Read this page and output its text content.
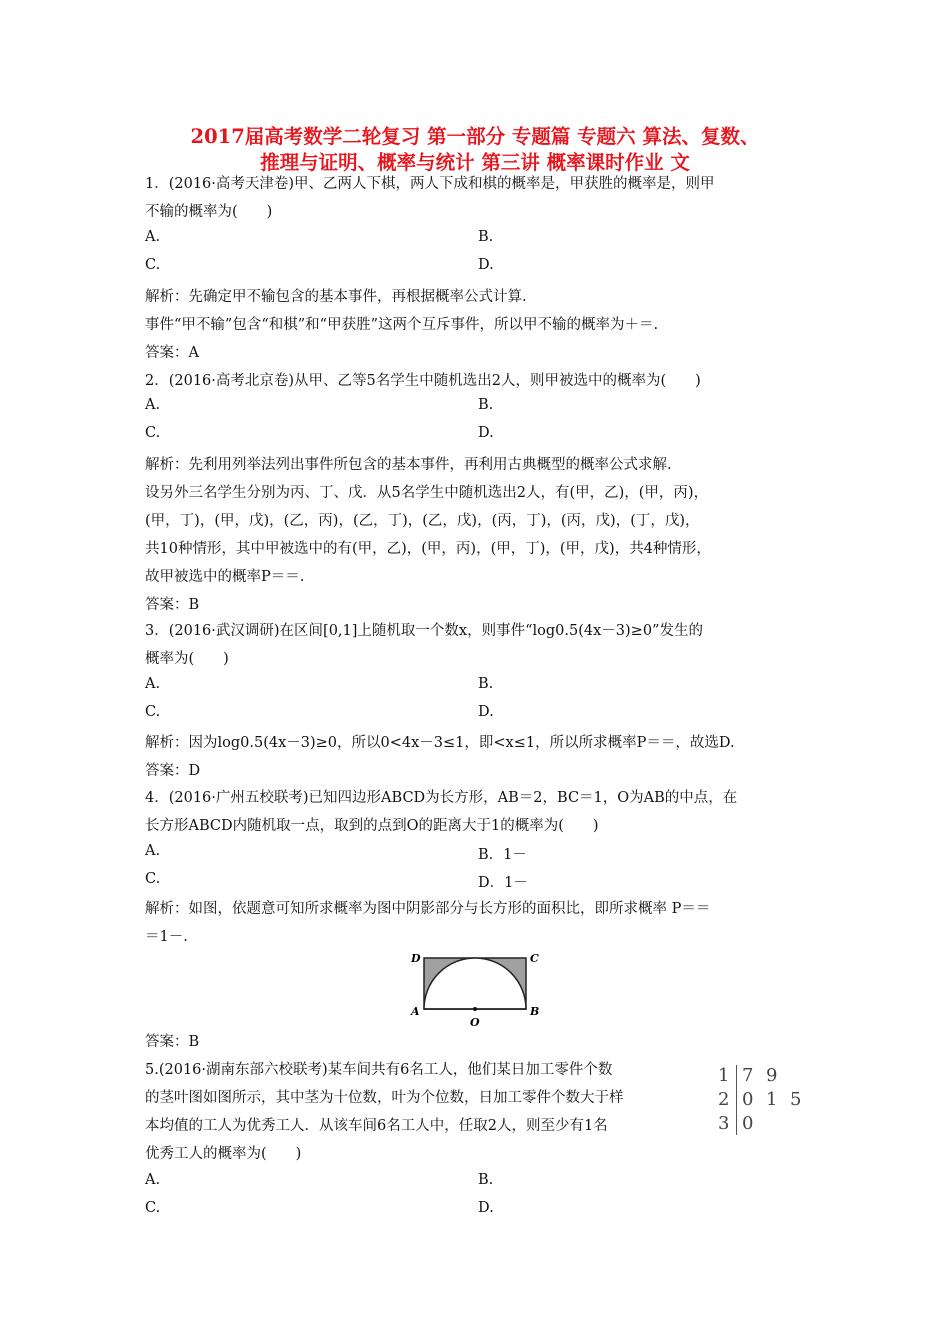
2017届高考数学二轮复习 第一部分 专题篇 专题六 算法、复数、
推理与证明、概率与统计 第三讲 概率课时作业 文
1．(2016·高考天津卷)甲、乙两人下棋，两人下成和棋的概率是，甲获胜的概率是，则甲
不输的概率为(　　)
A.	B.
C.	D.
解析：先确定甲不输包含的基本事件，再根据概率公式计算.
事件“甲不输”包含“和棋”和“甲获胜”这两个互斥事件，所以甲不输的概率为＋＝.
答案：A
2．(2016·高考北京卷)从甲、乙等5名学生中随机选出2人，则甲被选中的概率为(　　)
A.	B.
C.	D.
解析：先利用列举法列出事件所包含的基本事件，再利用古典概型的概率公式求解.
设另外三名学生分别为丙、丁、戊．从5名学生中随机选出2人，有(甲，乙)，(甲，丙)，
(甲，丁)，(甲，戊)，(乙，丙)，(乙，丁)，(乙，戊)，(丙，丁)，(丙，戊)，(丁，戊)，
共10种情形，其中甲被选中的有(甲，乙)，(甲，丙)，(甲，丁)，(甲，戊)，共4种情形，
故甲被选中的概率P＝＝.
答案：B
3．(2016·武汉调研)在区间[0,1]上随机取一个数x，则事件“log0.5(4x－3)≥0”发生的
概率为(　　)
A.	B.
C.	D.
解析：因为log0.5(4x－3)≥0，所以0<4x－3≤1，即<x≤1，所以所求概率P＝＝，故选D.
答案：D
4．(2016·广州五校联考)已知四边形ABCD为长方形，AB＝2，BC＝1，O为AB的中点，在
长方形ABCD内随机取一点，取到的点到O的距离大于1的概率为(　　)
A.	B．1－
C.	D．1－
解析：如图，依题意可知所求概率为图中阴影部分与长方形的面积比，即所求概率 P＝＝
＝1－.
D	C
A	B
O
答案：B
5.(2016·湖南东部六校联考)某车间共有6名工人，他们某日加工零件个数
的茎叶图如图所示，其中茎为十位数，叶为个位数，日加工零件个数大于样
本均值的工人为优秀工人．从该车间6名工人中，任取2人，则至少有1名
优秀工人的概率为(　　)
1 7 9
2 0 1 5
3 0
A.	B.
C.	D.
